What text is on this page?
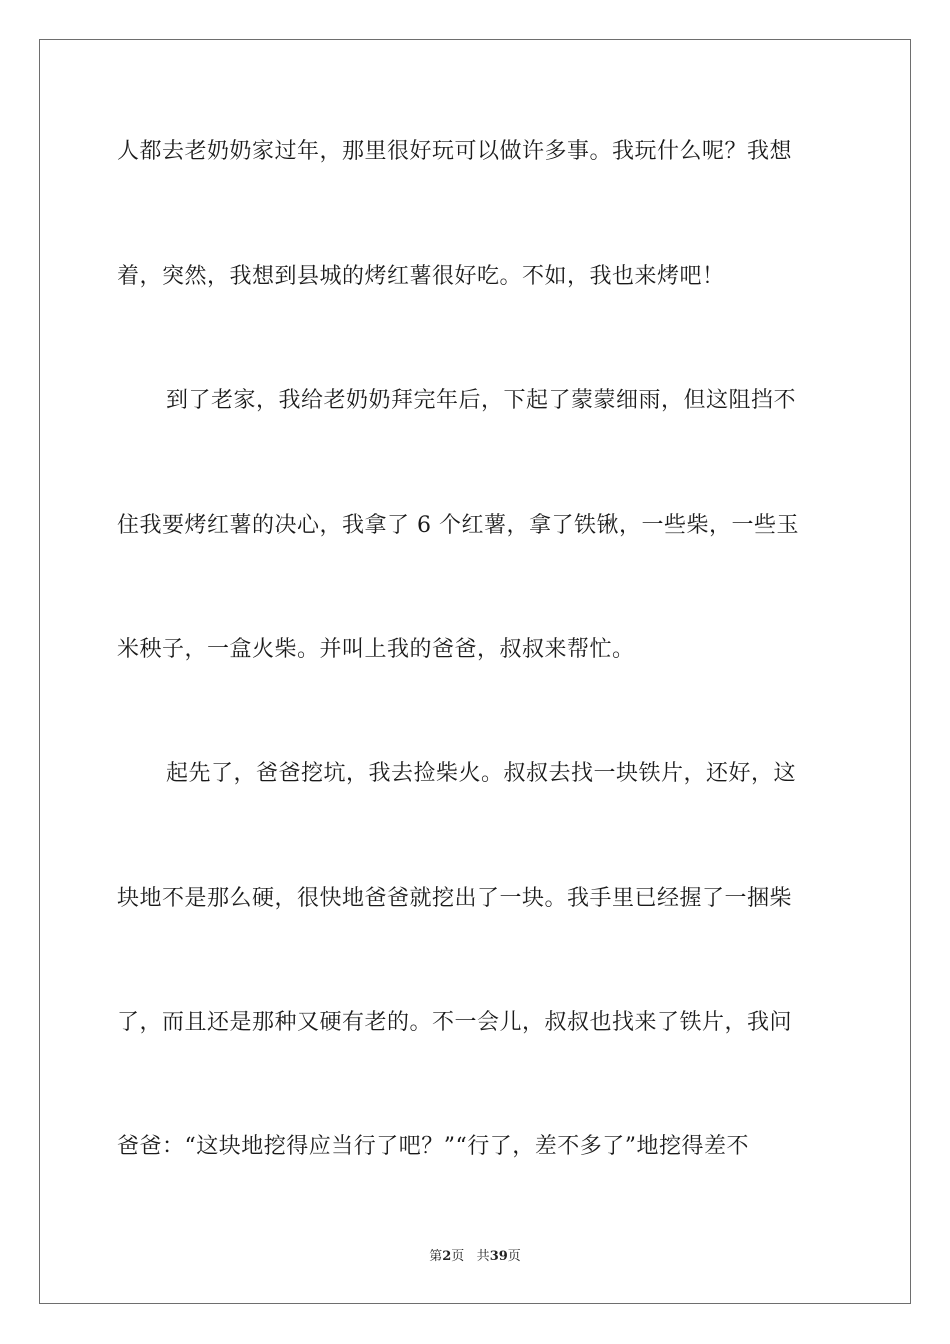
人都去老奶奶家过年，那里很好玩可以做许多事。我玩什么呢？我想
着，突然，我想到县城的烤红薯很好吃。不如，我也来烤吧！
到了老家，我给老奶奶拜完年后，下起了蒙蒙细雨，但这阻挡不
住我要烤红薯的决心，我拿了 6 个红薯，拿了铁锹，一些柴，一些玉
米秧子，一盒火柴。并叫上我的爸爸，叔叔来帮忙。
起先了，爸爸挖坑，我去捡柴火。叔叔去找一块铁片，还好，这
块地不是那么硬，很快地爸爸就挖出了一块。我手里已经握了一捆柴
了，而且还是那种又硬有老的。不一会儿，叔叔也找来了铁片，我问
爸爸：“这块地挖得应当行了吧？”“行了，差不多了”地挖得差不
第2页 共39页
